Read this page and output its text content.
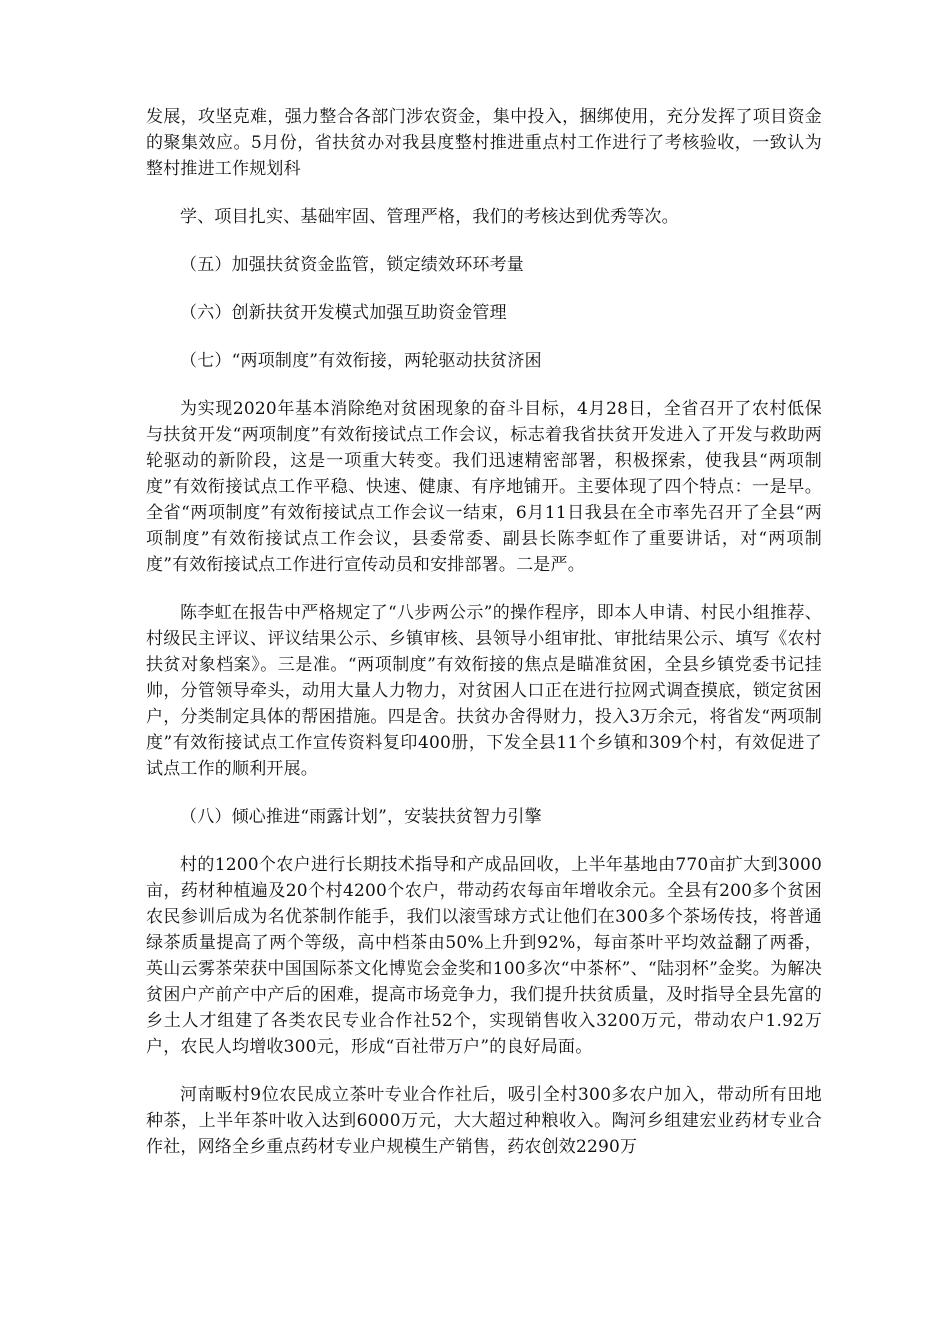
发展，攻坚克难，强力整合各部门涉农资金，集中投入，捆绑使用，充分发挥了项目资金的聚集效应。5月份，省扶贫办对我县度整村推进重点村工作进行了考核验收，一致认为整村推进工作规划科

学、项目扎实、基础牢固、管理严格，我们的考核达到优秀等次。

（五）加强扶贫资金监管，锁定绩效环环考量

（六）创新扶贫开发模式加强互助资金管理

（七）“两项制度”有效衔接，两轮驱动扶贫济困

为实现2020年基本消除绝对贫困现象的奋斗目标，4月28日，全省召开了农村低保与扶贫开发“两项制度”有效衔接试点工作会议，标志着我省扶贫开发进入了开发与救助两轮驱动的新阶段，这是一项重大转变。我们迅速精密部署，积极探索，使我县“两项制度”有效衔接试点工作平稳、快速、健康、有序地铺开。主要体现了四个特点：一是早。全省“两项制度”有效衔接试点工作会议一结束，6月11日我县在全市率先召开了全县“两项制度”有效衔接试点工作会议，县委常委、副县长陈李虹作了重要讲话，对“两项制度”有效衔接试点工作进行宣传动员和安排部署。二是严。

陈李虹在报告中严格规定了“八步两公示”的操作程序，即本人申请、村民小组推荐、村级民主评议、评议结果公示、乡镇审核、县领导小组审批、审批结果公示、填写《农村扶贫对象档案》。三是准。“两项制度”有效衔接的焦点是瞄准贫困，全县乡镇党委书记挂帅，分管领导牵头，动用大量人力物力，对贫困人口正在进行拉网式调查摸底，锁定贫困户，分类制定具体的帮困措施。四是舍。扶贫办舍得财力，投入3万余元，将省发“两项制度”有效衔接试点工作宣传资料复印400册，下发全县11个乡镇和309个村，有效促进了试点工作的顺利开展。

（八）倾心推进“雨露计划”，安装扶贫智力引擎

村的1200个农户进行长期技术指导和产成品回收，上半年基地由770亩扩大到3000亩，药材种植遍及20个村4200个农户，带动药农每亩年增收余元。全县有200多个贫困农民参训后成为名优茶制作能手，我们以滚雪球方式让他们在300多个茶场传技，将普通绿茶质量提高了两个等级，高中档茶由50%上升到92%，每亩茶叶平均效益翻了两番，英山云雾茶荣获中国国际茶文化博览会金奖和100多次“中茶杯”、“陆羽杯”金奖。为解决贫困户产前产中产后的困难，提高市场竞争力，我们提升扶贫质量，及时指导全县先富的乡土人才组建了各类农民专业合作社52个，实现销售收入3200万元，带动农户1.92万户，农民人均增收300元，形成“百社带万户”的良好局面。

河南畈村9位农民成立茶叶专业合作社后，吸引全村300多农户加入，带动所有田地种茶，上半年茶叶收入达到6000万元，大大超过种粮收入。陶河乡组建宏业药材专业合作社，网络全乡重点药材专业户规模生产销售，药农创效2290万
